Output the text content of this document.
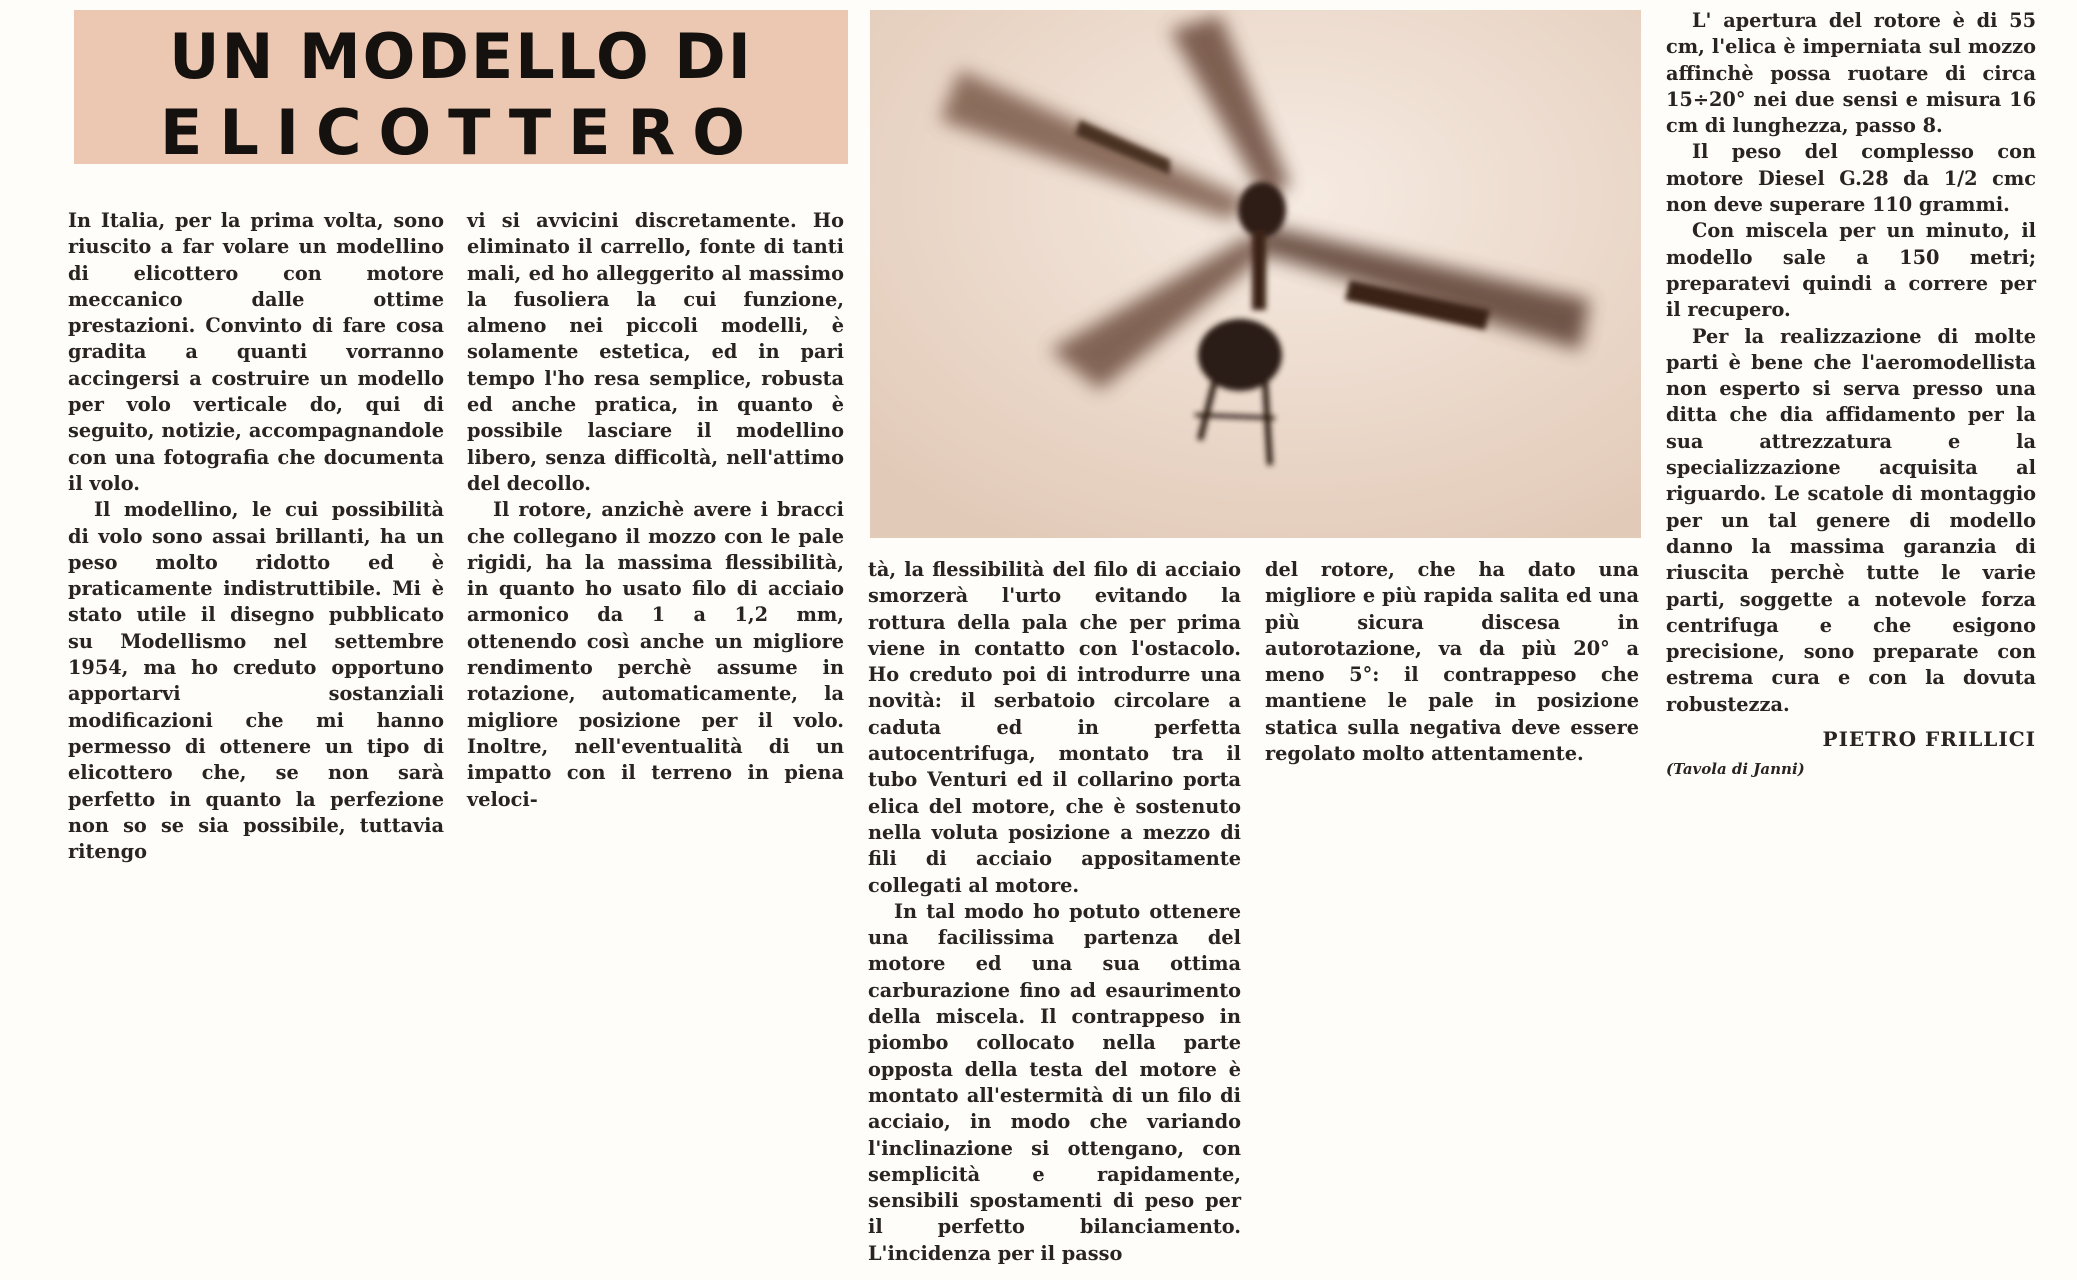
UN MODELLO DI
ELICOTTERO

I n Italia, per la prima volta, sono riuscito a far volare un modellino di elicottero con motore meccanico dalle ottime prestazioni. Convinto di fare cosa gradita a quanti vorranno accingersi a costruire un modello per volo verticale do, qui di seguito, notizie, accompagnandole con una fotografia che documenta il volo.

Il modellino, le cui possibilità di volo sono assai brillanti, ha un peso molto ridotto ed è praticamente indistruttibile. Mi è stato utile il disegno pubblicato su Modellismo nel settembre 1954, ma ho creduto opportuno apportarvi sostanziali modificazioni che mi hanno permesso di ottenere un tipo di elicottero che, se non sarà perfetto in quanto la perfezione non so se sia possibile, tuttavia ritengo

vi si avvicini discretamente. Ho eliminato il carrello, fonte di tanti mali, ed ho alleggerito al massimo la fusoliera la cui funzione, almeno nei piccoli modelli, è solamente estetica, ed in pari tempo l'ho resa semplice, robusta ed anche pratica, in quanto è possibile lasciare il modellino libero, senza difficoltà, nell'attimo del decollo.

Il rotore, anzichè avere i bracci che collegano il mozzo con le pale rigidi, ha la massima flessibilità, in quanto ho usato filo di acciaio armonico da 1 a 1,2 mm, ottenendo così anche un migliore rendimento perchè assume in rotazione, automaticamente, la migliore posizione per il volo. Inoltre, nell'eventualità di un impatto con il terreno in piena veloci-

tà, la flessibilità del filo di acciaio smorzerà l'urto evitando la rottura della pala che per prima viene in contatto con l'ostacolo. Ho creduto poi di introdurre una novità: il serbatoio circolare a caduta ed in perfetta autocentrifuga, montato tra il tubo Venturi ed il collarino porta elica del motore, che è sostenuto nella voluta posizione a mezzo di fili di acciaio appositamente collegati al motore.

In tal modo ho potuto ottenere una facilissima partenza del motore ed una sua ottima carburazione fino ad esaurimento della miscela. Il contrappeso in piombo collocato nella parte opposta della testa del motore è montato all'estermità di un filo di acciaio, in modo che variando l'inclinazione si ottengano, con semplicità e rapidamente, sensibili spostamenti di peso per il perfetto bilanciamento. L'incidenza per il passo

del rotore, che ha dato una migliore e più rapida salita ed una più sicura discesa in autorotazione, va da più 20° a meno 5°: il contrappeso che mantiene le pale in posizione statica sulla negativa deve essere regolato molto attentamente.

L' apertura del rotore è di 55 cm, l'elica è imperniata sul mozzo affinchè possa ruotare di circa 15÷20° nei due sensi e misura 16 cm di lunghezza, passo 8.

Il peso del complesso con motore Diesel G.28 da 1/2 cmc non deve superare 110 grammi.

Con miscela per un minuto, il modello sale a 150 metri; preparatevi quindi a correre per il recupero.

Per la realizzazione di molte parti è bene che l'aeromodellista non esperto si serva presso una ditta che dia affidamento per la sua attrezzatura e la specializzazione acquisita al riguardo. Le scatole di montaggio per un tal genere di modello danno la massima garanzia di riuscita perchè tutte le varie parti, soggette a notevole forza centrifuga e che esigono precisione, sono preparate con estrema cura e con la dovuta robustezza.

PIETRO FRILLICI
(Tavola di Janni)
